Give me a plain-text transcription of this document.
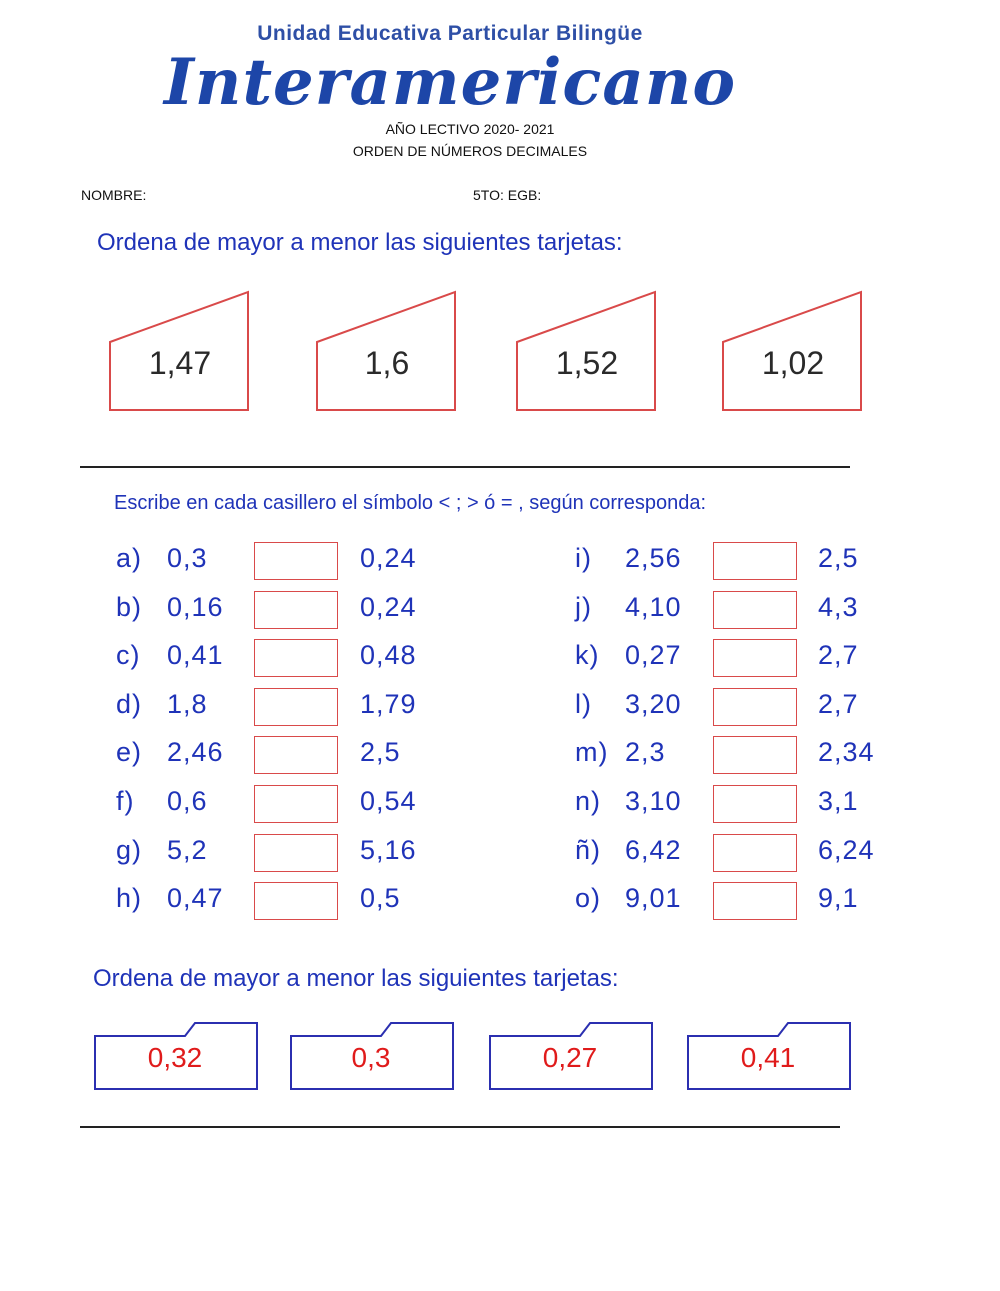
Unidad Educativa Particular Bilingüe
Interamericano
AÑO LECTIVO 2020- 2021
ORDEN DE NÚMEROS DECIMALES
NOMBRE:	5TO: EGB:
Ordena de mayor a menor las siguientes tarjetas:
1,47	1,6	1,52	1,02
Escribe en cada casillero el símbolo < ; > ó = , según corresponda:
a) 0,3	0,24
b) 0,16	0,24
c) 0,41	0,48
d) 1,8	1,79
e) 2,46	2,5
f) 0,6	0,54
g) 5,2	5,16
h) 0,47	0,5
i) 2,56	2,5
j) 4,10	4,3
k) 0,27	2,7
l) 3,20	2,7
m) 2,3	2,34
n) 3,10	3,1
ñ) 6,42	6,24
o) 9,01	9,1
Ordena de mayor a menor las siguientes tarjetas:
0,32	0,3	0,27	0,41
